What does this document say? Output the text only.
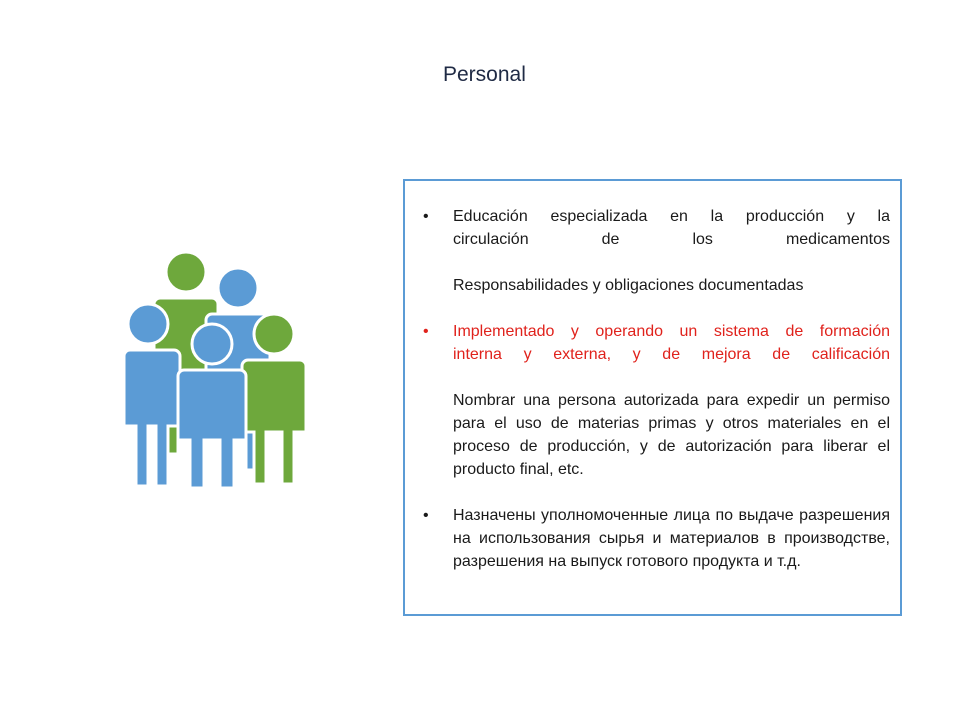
Personal
• Educación especializada en la producción y la
circulación de los medicamentos
Responsabilidades y obligaciones documentadas
• Implementado y operando un sistema de formación
interna y externa, y de mejora de calificación
Nombrar una persona autorizada para expedir un permiso para el uso de materias primas y otros materiales en el proceso de producción, y de autorización para liberar el producto final, etc.
• Назначены уполномоченные лица по выдаче разрешения на использования сырья и материалов в производстве, разрешения на выпуск готового продукта и т.д.
